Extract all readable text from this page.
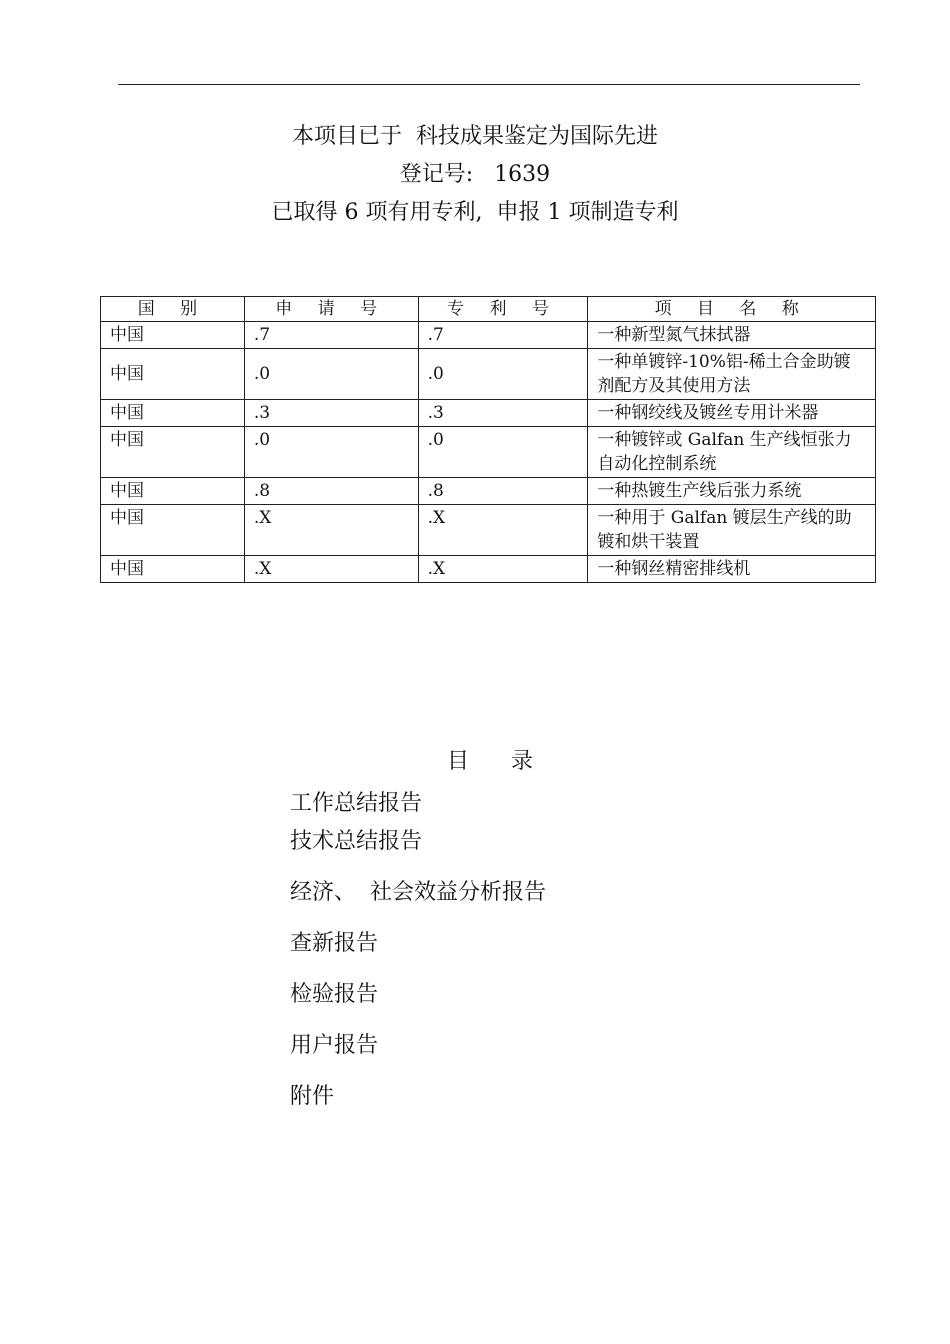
本项目已于  科技成果鉴定为国际先进
登记号:   1639
已取得 6 项有用专利,  申报 1 项制造专利
国 别	申 请 号	专 利 号	项 目 名 称
中国	.7	.7	一种新型氮气抹拭器
中国	.0	.0	一种单镀锌-10%铝-稀土合金助镀剂配方及其使用方法
中国	.3	.3	一种钢绞线及镀丝专用计米器
中国	.0	.0	一种镀锌或 Galfan 生产线恒张力自动化控制系统
中国	.8	.8	一种热镀生产线后张力系统
中国	.X	.X	一种用于 Galfan 镀层生产线的助镀和烘干装置
中国	.X	.X	一种钢丝精密排线机
目      录
工作总结报告
技术总结报告
经济、  社会效益分析报告
查新报告
检验报告
用户报告
附件
